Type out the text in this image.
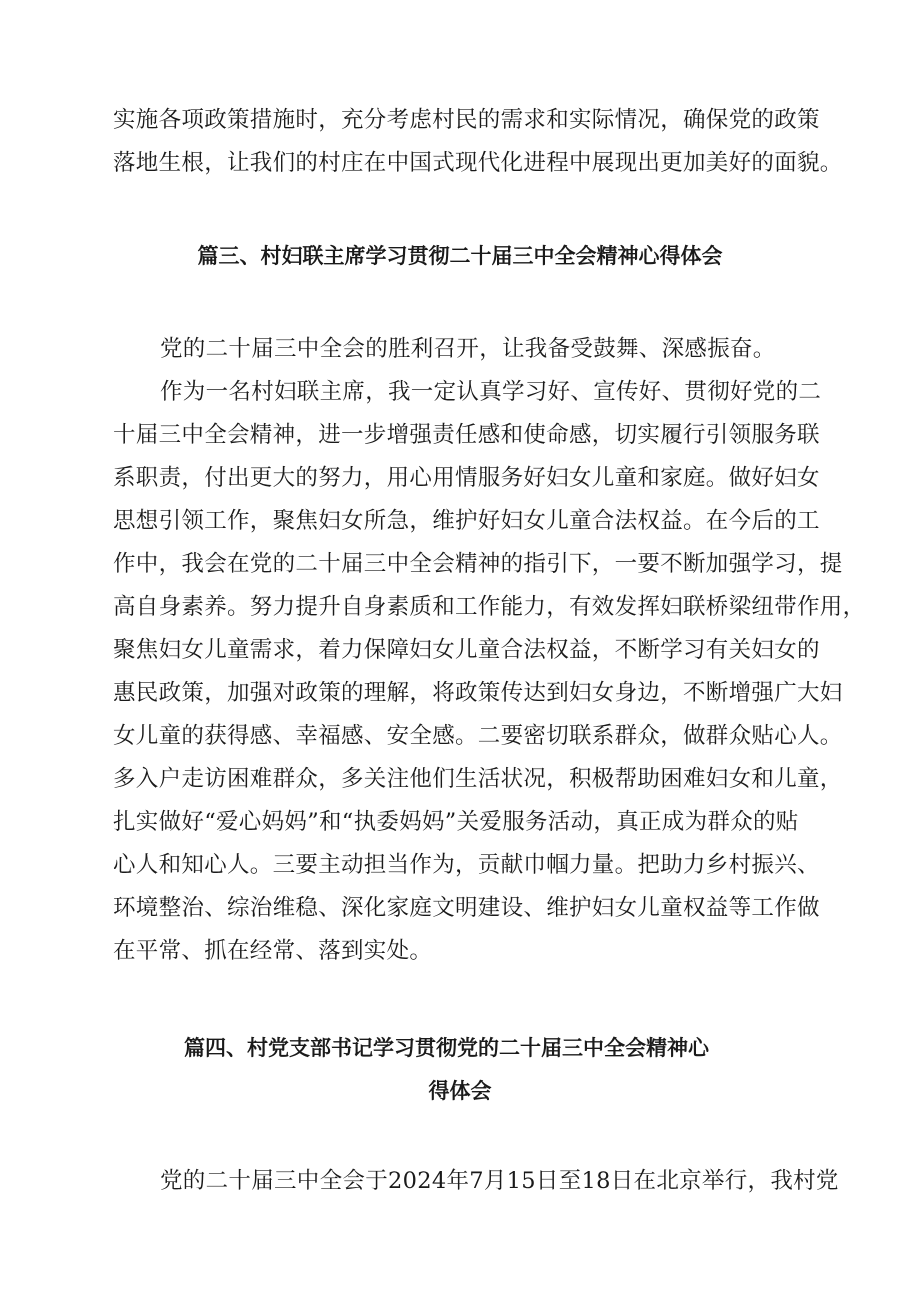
实施各项政策措施时，充分考虑村民的需求和实际情况，确保党的政策
落地生根，让我们的村庄在中国式现代化进程中展现出更加美好的面貌。
篇三、村妇联主席学习贯彻二十届三中全会精神心得体会
党的二十届三中全会的胜利召开，让我备受鼓舞、深感振奋。
作为一名村妇联主席，我一定认真学习好、宣传好、贯彻好党的二
十届三中全会精神，进一步增强责任感和使命感，切实履行引领服务联
系职责，付出更大的努力，用心用情服务好妇女儿童和家庭。做好妇女
思想引领工作，聚焦妇女所急，维护好妇女儿童合法权益。在今后的工
作中，我会在党的二十届三中全会精神的指引下，一要不断加强学习，提
高自身素养。努力提升自身素质和工作能力，有效发挥妇联桥梁纽带作用，
聚焦妇女儿童需求，着力保障妇女儿童合法权益，不断学习有关妇女的
惠民政策，加强对政策的理解，将政策传达到妇女身边，不断增强广大妇
女儿童的获得感、幸福感、安全感。二要密切联系群众，做群众贴心人。
多入户走访困难群众，多关注他们生活状况，积极帮助困难妇女和儿童，
扎实做好“爱心妈妈”和“执委妈妈”关爱服务活动，真正成为群众的贴
心人和知心人。三要主动担当作为，贡献巾帼力量。把助力乡村振兴、
环境整治、综治维稳、深化家庭文明建设、维护妇女儿童权益等工作做
在平常、抓在经常、落到实处。
篇四、村党支部书记学习贯彻党的二十届三中全会精神心
得体会
党的二十届三中全会于2024年7月15日至18日在北京举行，我村党
